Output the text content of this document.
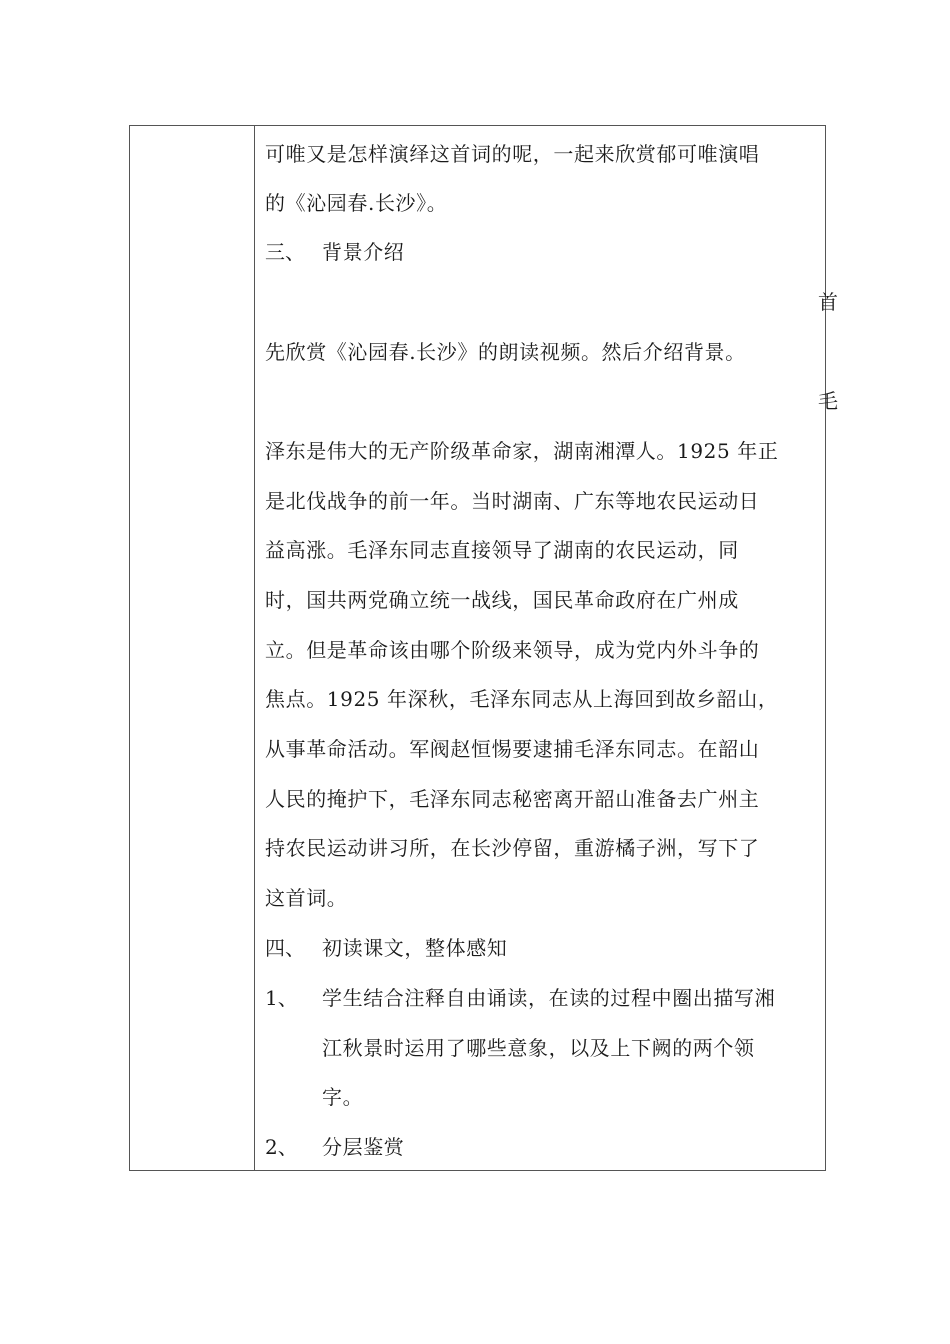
可唯又是怎样演绎这首词的呢，一起来欣赏郁可唯演唱
的《沁园春.长沙》。
三、 背景介绍
首
先欣赏《沁园春.长沙》的朗读视频。然后介绍背景。
毛
泽东是伟大的无产阶级革命家，湖南湘潭人。1925 年正
是北伐战争的前一年。当时湖南、广东等地农民运动日
益高涨。毛泽东同志直接领导了湖南的农民运动，同
时，国共两党确立统一战线，国民革命政府在广州成
立。但是革命该由哪个阶级来领导，成为党内外斗争的
焦点。1925 年深秋，毛泽东同志从上海回到故乡韶山，
从事革命活动。军阀赵恒惕要逮捕毛泽东同志。在韶山
人民的掩护下，毛泽东同志秘密离开韶山准备去广州主
持农民运动讲习所，在长沙停留，重游橘子洲，写下了
这首词。
四、 初读课文，整体感知
1、 学生结合注释自由诵读，在读的过程中圈出描写湘
江秋景时运用了哪些意象，以及上下阙的两个领
字。
2、 分层鉴赏
